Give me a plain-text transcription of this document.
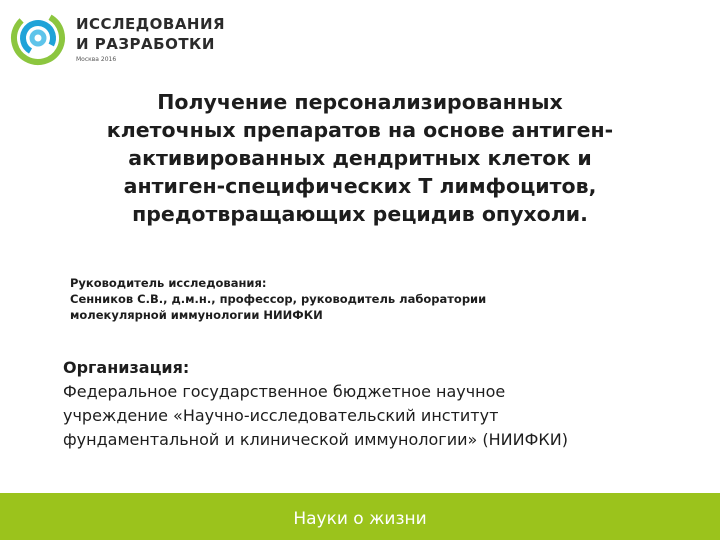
ИССЛЕДОВАНИЯ
И РАЗРАБОТКИ
Москва 2016
Получение персонализированных
клеточных препаратов на основе антиген-
активированных дендритных клеток и
антиген-специфических Т лимфоцитов,
предотвращающих рецидив опухоли.
Руководитель исследования:
Сенников С.В., д.м.н., профессор, руководитель лаборатории
молекулярной иммунологии НИИФКИ
Организация:
Федеральное государственное бюджетное научное
учреждение «Научно-исследовательский институт
фундаментальной и клинической иммунологии» (НИИФКИ)
Науки о жизни
